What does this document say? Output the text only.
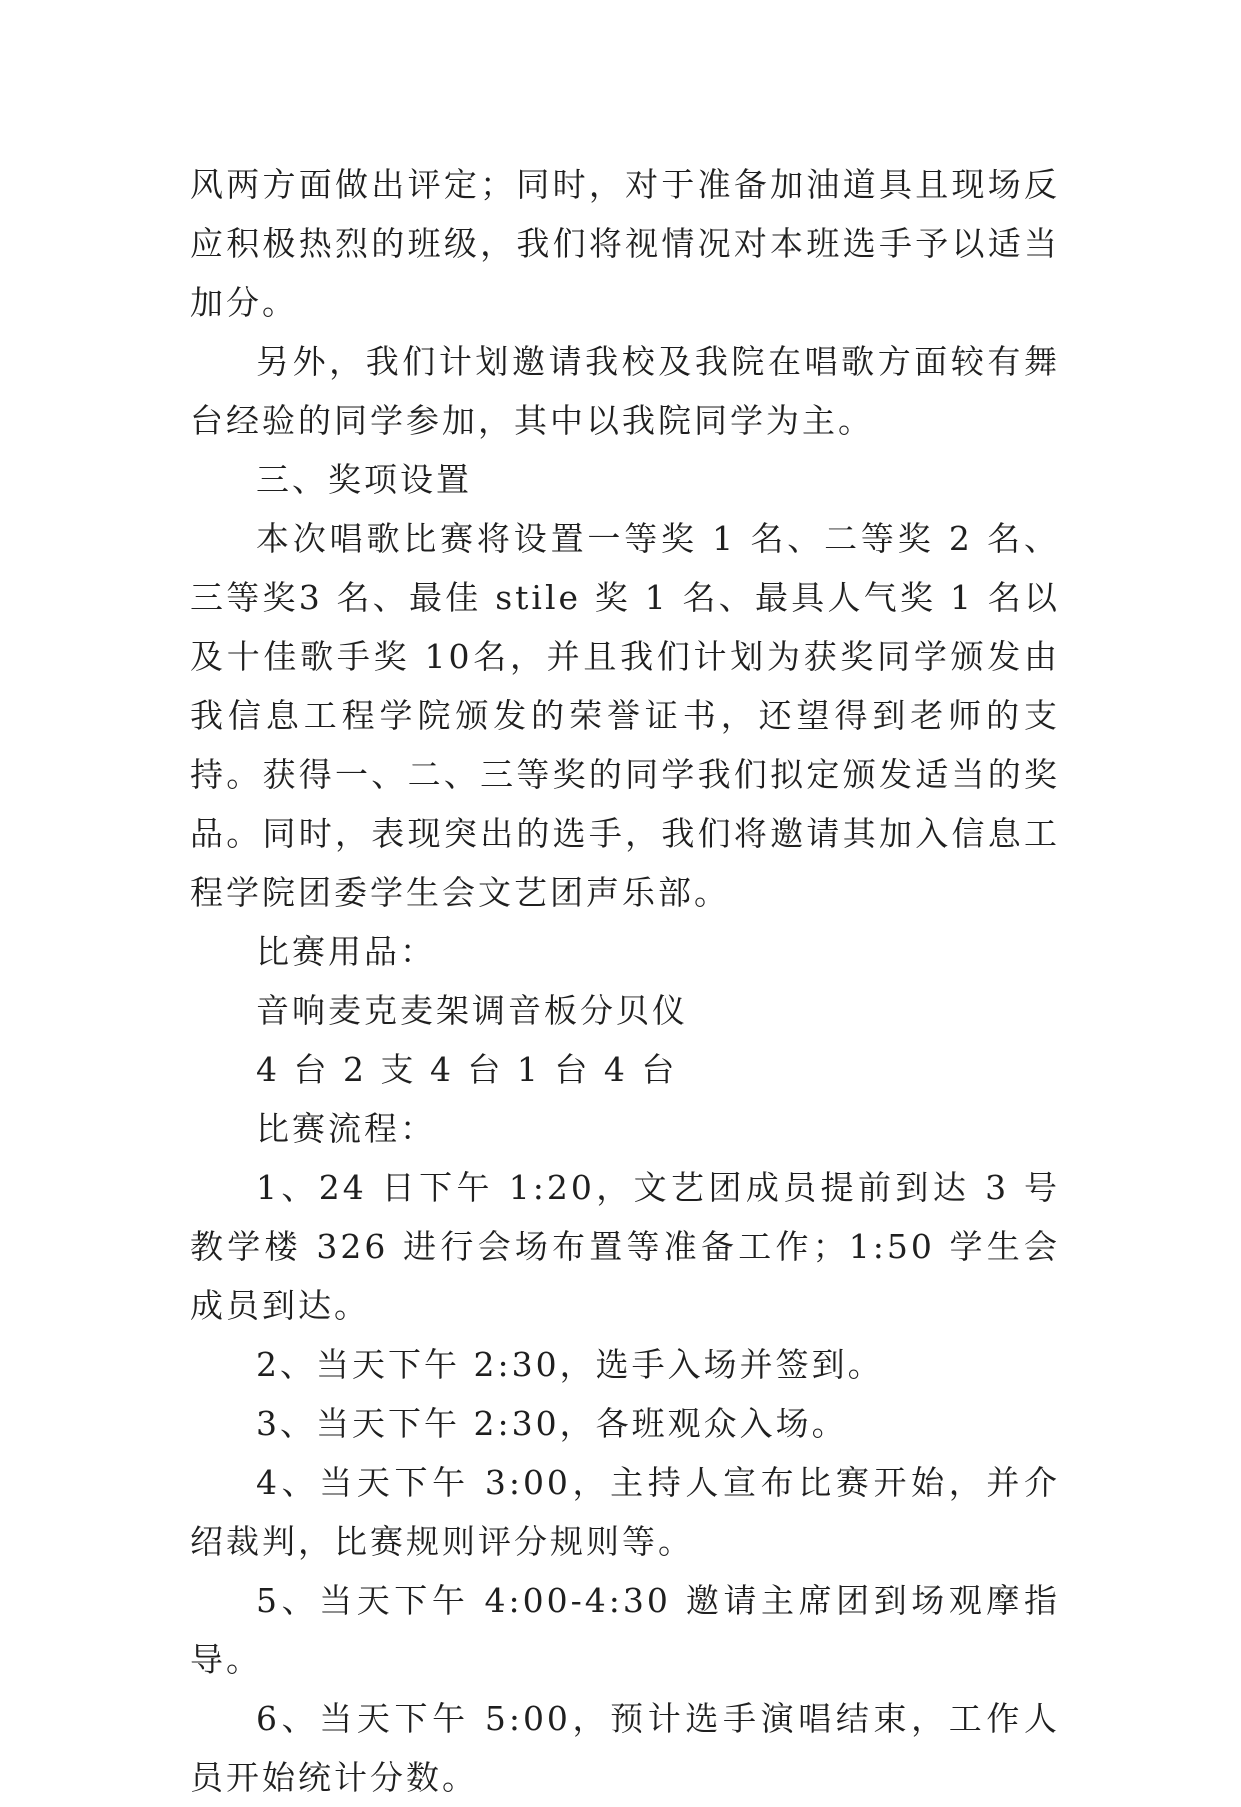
风两方面做出评定；同时，对于准备加油道具且现场反应积极热烈的班级，我们将视情况对本班选手予以适当加分。

另外，我们计划邀请我校及我院在唱歌方面较有舞台经验的同学参加，其中以我院同学为主。

三、奖项设置

本次唱歌比赛将设置一等奖 1 名、二等奖 2 名、三等奖3 名、最佳 stile 奖 1 名、最具人气奖 1 名以及十佳歌手奖 10名，并且我们计划为获奖同学颁发由我信息工程学院颁发的荣誉证书，还望得到老师的支持。获得一、二、三等奖的同学我们拟定颁发适当的奖品。同时，表现突出的选手，我们将邀请其加入信息工程学院团委学生会文艺团声乐部。

比赛用品：

音响麦克麦架调音板分贝仪

4 台 2 支 4 台 1 台 4 台

比赛流程：

1、24 日下午 1:20，文艺团成员提前到达 3 号教学楼 326 进行会场布置等准备工作；1:50 学生会成员到达。

2、当天下午 2:30，选手入场并签到。

3、当天下午 2:30，各班观众入场。

4、当天下午 3:00，主持人宣布比赛开始，并介绍裁判，比赛规则评分规则等。

5、当天下午 4:00-4:30 邀请主席团到场观摩指导。

6、当天下午 5:00，预计选手演唱结束，工作人员开始统计分数。
